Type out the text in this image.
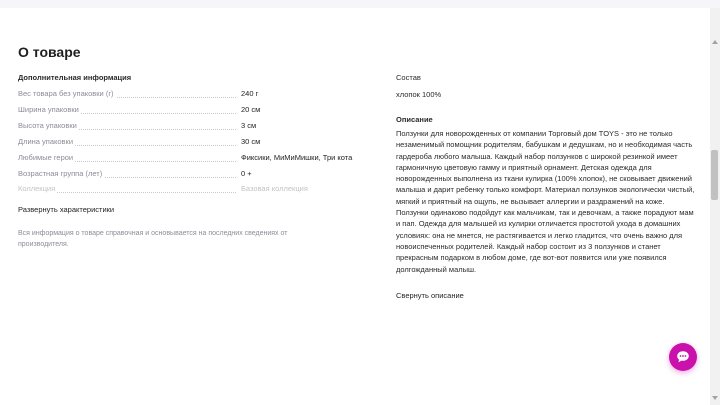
О товаре
Дополнительная информация
Вес товара без упаковки (г)	240 г
Ширина упаковки	20 см
Высота упаковки	3 см
Длина упаковки	30 см
Любимые герои	Фиксики, МиМиМишки, Три кота
Возрастная группа (лет)	0 +
Коллекция	Базовая коллекция
Развернуть характеристики
Вся информация о товаре справочная и основывается на последних сведениях от производителя.
Состав
хлопок 100%
Описание
Ползунки для новорожденных от компании Торговый дом TOYS - это не только незаменимый помощник родителям, бабушкам и дедушкам, но и необходимая часть гардероба любого малыша. Каждый набор ползунков с широкой резинкой имеет гармоничную цветовую гамму и приятный орнамент. Детская одежда для новорожденных выполнена из ткани кулирка (100% хлопок), не сковывает движений малыша и дарит ребенку только комфорт. Материал ползунков экологически чистый, мягкий и приятный на ощупь, не вызывает аллергии и раздражений на коже. Ползунки одинаково подойдут как мальчикам, так и девочкам, а также порадуют мам и пап. Одежда для малышей из кулирки отличается простотой ухода в домашних условиях: она не мнется, не растягивается и легко гладится, что очень важно для новоиспеченных родителей. Каждый набор состоит из 3 ползунков и станет прекрасным подарком в любом доме, где вот-вот появится или уже появился долгожданный малыш.
Свернуть описание
